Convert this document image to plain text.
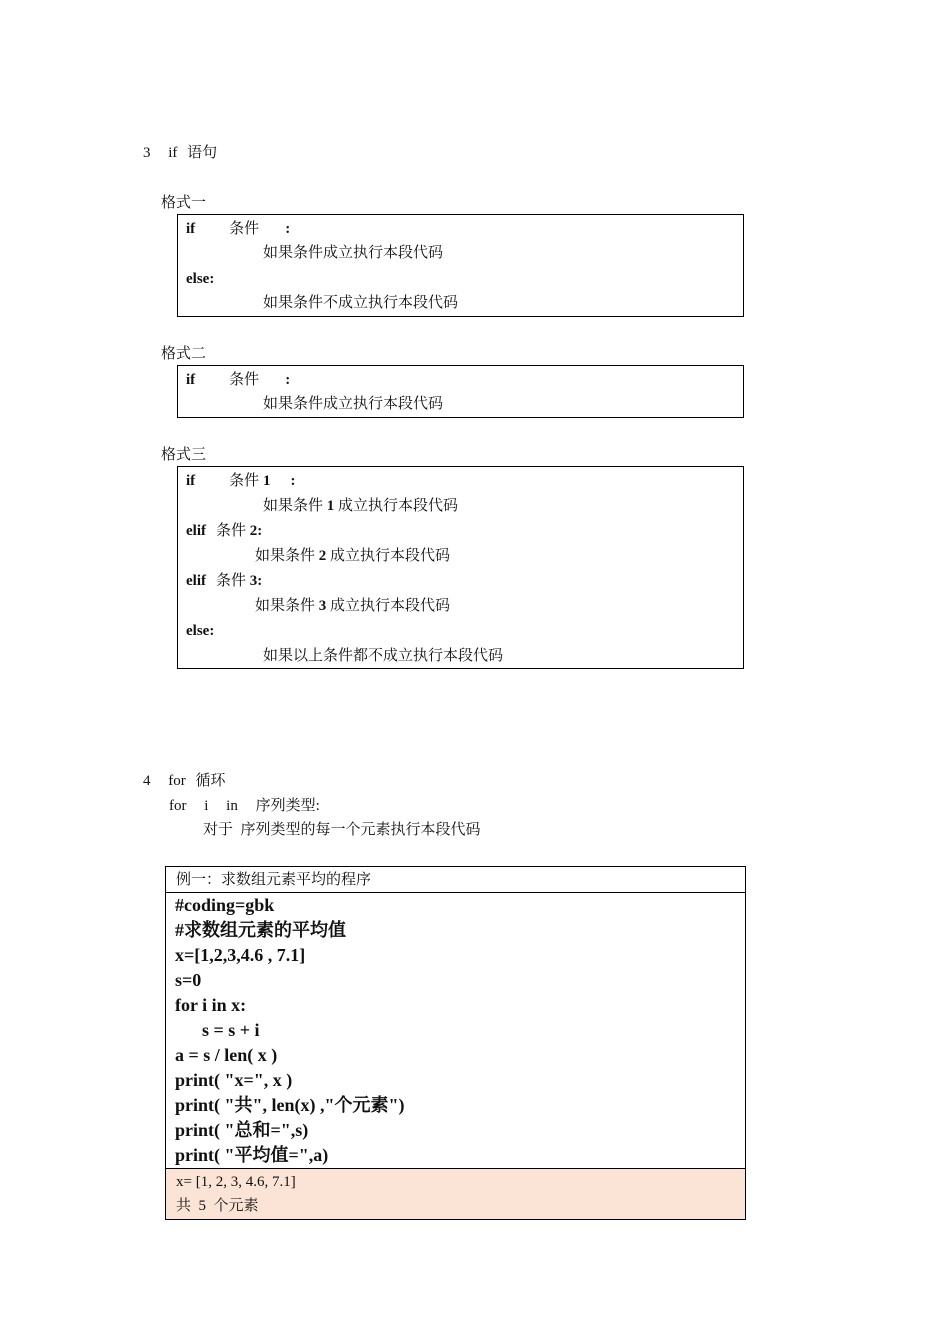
3 if 语句
格式一
if 条件 :
如果条件成立执行本段代码
else:
如果条件不成立执行本段代码
格式二
if 条件 :
如果条件成立执行本段代码
格式三
if 条件 1 :
如果条件 1 成立执行本段代码
elif 条件 2:
如果条件 2 成立执行本段代码
elif 条件 3:
如果条件 3 成立执行本段代码
else:
如果以上条件都不成立执行本段代码
4 for 循环
for i in 序列类型:
对于  序列类型的每一个元素执行本段代码
例一：求数组元素平均的程序
#coding=gbk
#求数组元素的平均值
x=[1,2,3,4.6 , 7.1]
s=0
for i in x:
s = s + i
a = s / len( x )
print( "x=", x )
print( "共", len(x) ,"个元素")
print( "总和=",s)
print( "平均值=",a)
x= [1, 2, 3, 4.6, 7.1]
共  5  个元素
